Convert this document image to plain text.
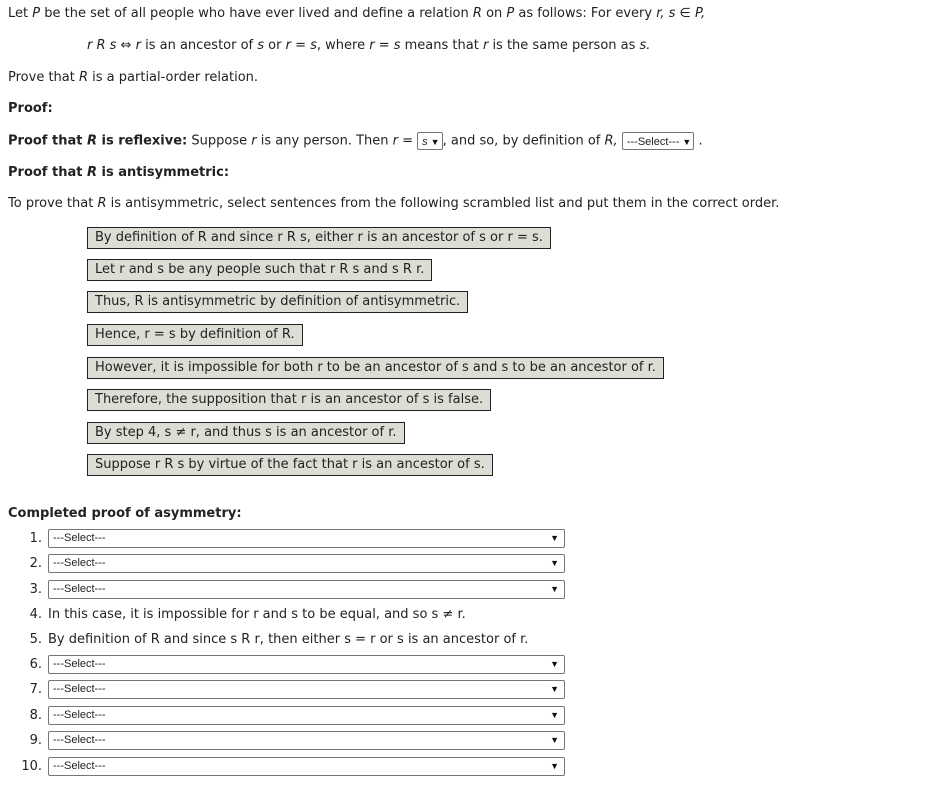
Let P be the set of all people who have ever lived and define a relation R on P as follows: For every r, s ∈ P,
r R s ⇔ r is an ancestor of s or r = s, where r = s means that r is the same person as s.
Prove that R is a partial-order relation.
Proof:
Proof that R is reflexive: Suppose r is any person. Then r = s ▼ , and so, by definition of R, ---Select--- ▼ .
Proof that R is antisymmetric:
To prove that R is antisymmetric, select sentences from the following scrambled list and put them in the correct order.
By definition of R and since r R s, either r is an ancestor of s or r = s.
Let r and s be any people such that r R s and s R r.
Thus, R is antisymmetric by definition of antisymmetric.
Hence, r = s by definition of R.
However, it is impossible for both r to be an ancestor of s and s to be an ancestor of r.
Therefore, the supposition that r is an ancestor of s is false.
By step 4, s ≠ r, and thus s is an ancestor of r.
Suppose r R s by virtue of the fact that r is an ancestor of s.
Completed proof of asymmetry:
1.	---Select---	▼
2.	---Select---	▼
3.	---Select---	▼
4. In this case, it is impossible for r and s to be equal, and so s ≠ r.
5. By definition of R and since s R r, then either s = r or s is an ancestor of r.
6.	---Select---	▼
7.	---Select---	▼
8.	---Select---	▼
9.	---Select---	▼
10.	---Select---	▼
